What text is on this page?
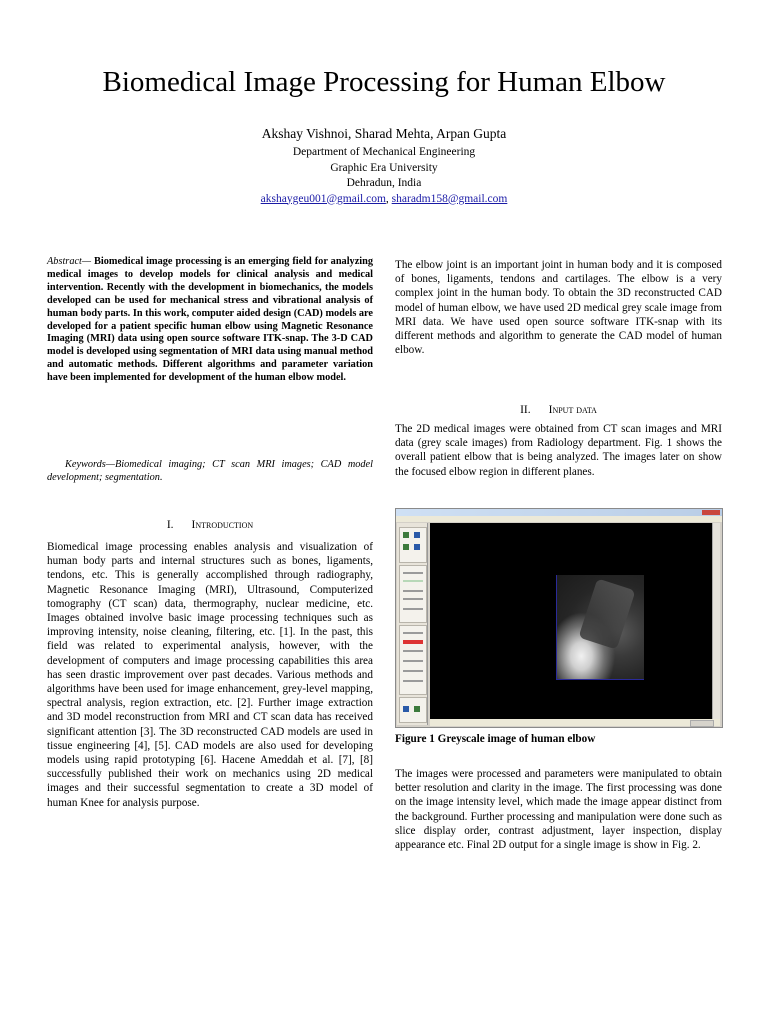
Biomedical Image Processing for Human Elbow
Akshay Vishnoi, Sharad Mehta, Arpan Gupta
Department of Mechanical Engineering
Graphic Era University
Dehradun, India
akshaygeu001@gmail.com, sharadm158@gmail.com
Abstract— Biomedical image processing is an emerging field for analyzing medical images to develop models for clinical analysis and medical intervention. Recently with the development in biomechanics, the models developed can be used for mechanical stress and vibrational analysis of human body parts. In this work, computer aided design (CAD) models are developed for a patient specific human elbow using Magnetic Resonance Imaging (MRI) data using open source software ITK-snap. The 3-D CAD model is developed using segmentation of MRI data using manual method and automatic methods. Different algorithms and parameter variation have been implemented for development of the human elbow model.
Keywords—Biomedical imaging; CT scan MRI images; CAD model development; segmentation.
I. Introduction
Biomedical image processing enables analysis and visualization of human body parts and internal structures such as bones, ligaments, tendons, etc. This is generally accomplished through radiography, Magnetic Resonance Imaging (MRI), Ultrasound, Computerized tomography (CT scan) data, thermography, nuclear medicine, etc. Images obtained involve basic image processing techniques such as improving intensity, noise cleaning, filtering, etc. [1]. In the past, this field was related to experimental analysis, however, with the development of computers and image processing capabilities this area has seen drastic improvement over past decades. Various methods and algorithms have been used for image enhancement, grey-level mapping, spectral analysis, region extraction, etc. [2]. Further image extraction and 3D model reconstruction from MRI and CT scan data has received significant attention [3]. The 3D reconstructed CAD models are used in tissue engineering [4], [5]. CAD models are also used for developing models using rapid prototyping [6]. Hacene Ameddah et al. [7], [8] successfully published their work on mechanics using 2D medical images and their successful segmentation to create a 3D model of human Knee for analysis purpose.
The elbow joint is an important joint in human body and it is composed of bones, ligaments, tendons and cartilages. The elbow is a very complex joint in the human body. To obtain the 3D reconstructed CAD model of human elbow, we have used 2D medical grey scale image from MRI data. We have used open source software ITK-snap with its different methods and algorithm to generate the CAD model of human elbow.
II. Input data
The 2D medical images were obtained from CT scan images and MRI data (grey scale images) from Radiology department. Fig. 1 shows the overall patient elbow that is being analyzed. The images later on show the focused elbow region in different planes.
Figure 1 Greyscale image of human elbow
The images were processed and parameters were manipulated to obtain better resolution and clarity in the image. The first processing was done on the image intensity level, which made the image appear distinct from the background. Further processing and manipulation were done such as slice display order, contrast adjustment, layer inspection, display appearance etc. Final 2D output for a single image is show in Fig. 2.
